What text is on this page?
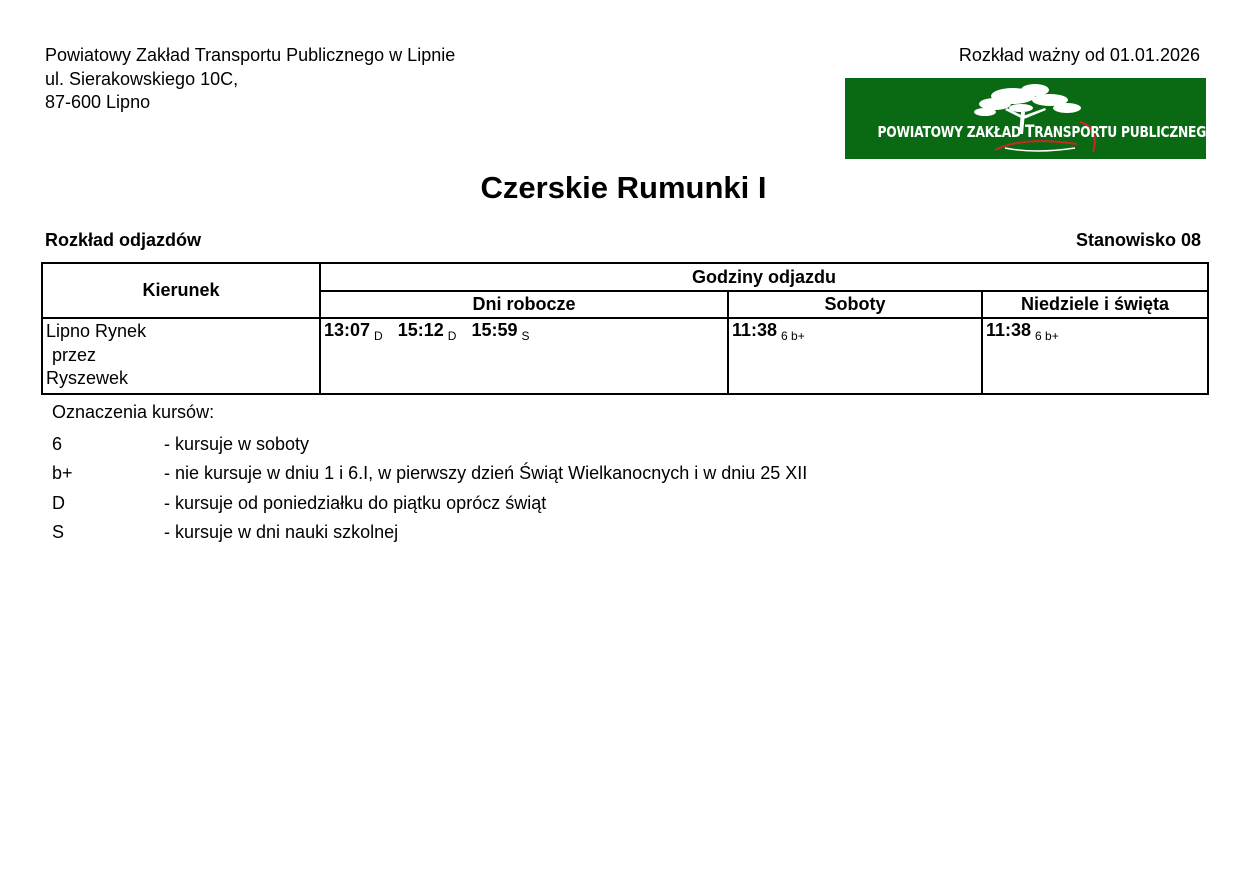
Powiatowy Zakład Transportu Publicznego w Lipnie
ul. Sierakowskiego 10C,
87-600 Lipno
Rozkład ważny od 01.01.2026
POWIATOWY ZAKŁAD TRANSPORTU PUBLICZNEGO
Czerskie Rumunki I
Rozkład odjazdów	Stanowisko 08
Kierunek	Godziny odjazdu		
	Dni robocze	Soboty	Niedziele i święta

Lipno Rynek
przez
Ryszewek	13:07 $_D$ 15:12 $_D$ 15:59 $_S$	11:38 $_{6 b+}$	11:38 $_{6 b+}$
Oznaczenia kursów:
6	- kursuje w soboty
b+	- nie kursuje w dniu 1 i 6.I, w pierwszy dzień Świąt Wielkanocnych i w dniu 25 XII
D	- kursuje od poniedziałku do piątku oprócz świąt
S	- kursuje w dni nauki szkolnej
